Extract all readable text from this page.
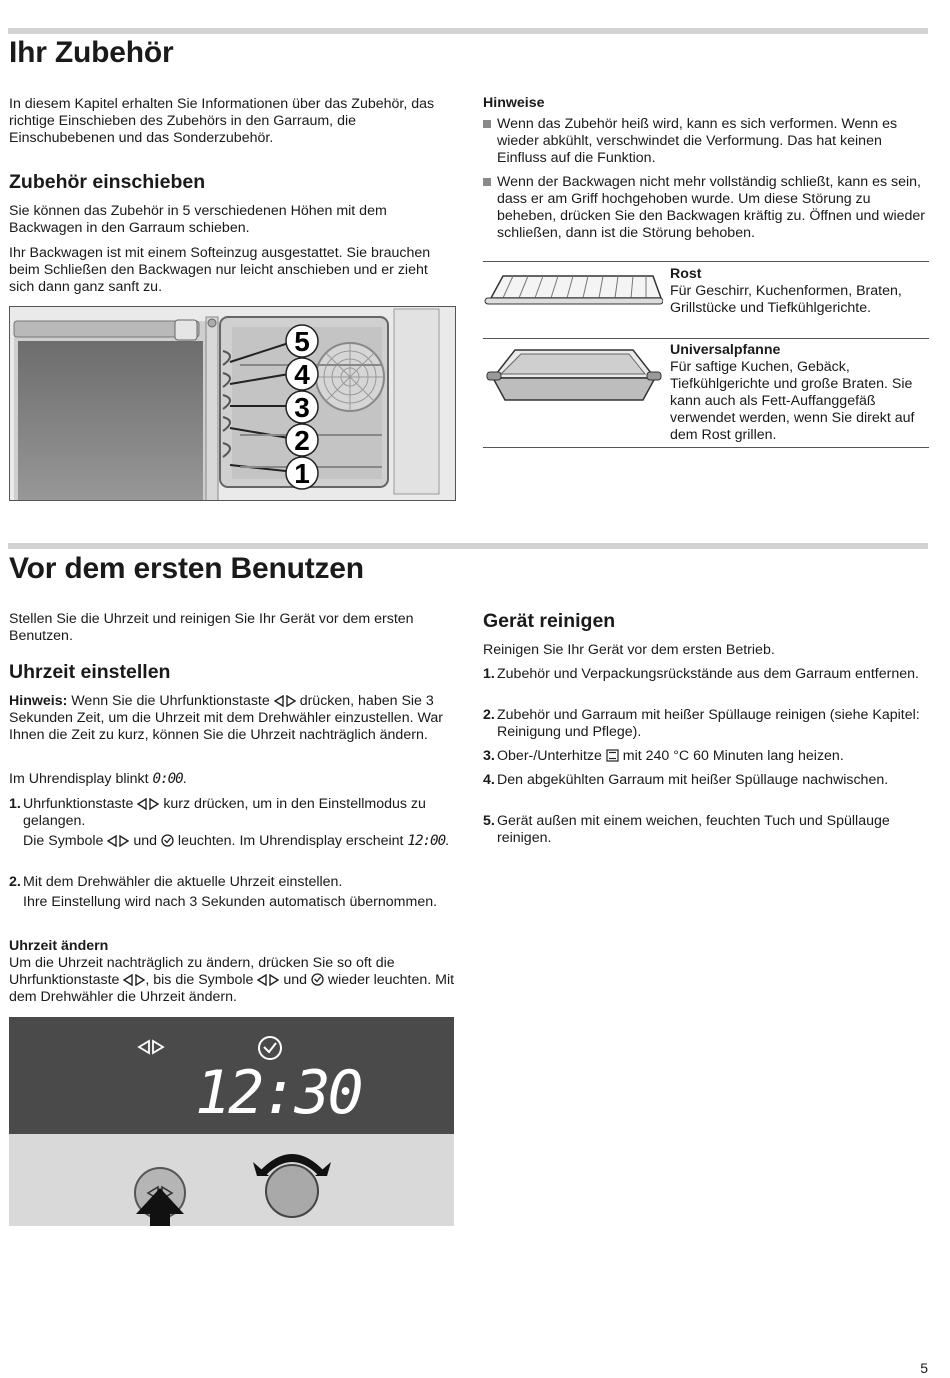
Ihr Zubehör

In diesem Kapitel erhalten Sie Informationen über das Zubehör, das richtige Einschieben des Zubehörs in den Garraum, die Einschubebenen und das Sonderzubehör.

Zubehör einschieben

Sie können das Zubehör in 5 verschiedenen Höhen mit dem Backwagen in den Garraum schieben.

Ihr Backwagen ist mit einem Softeinzug ausgestattet. Sie brauchen beim Schließen den Backwagen nur leicht anschieben und er zieht sich dann ganz sanft zu.

5
4
3
2
1
Hinweise
Wenn das Zubehör heiß wird, kann es sich verformen. Wenn es wieder abkühlt, verschwindet die Verformung. Das hat keinen Einfluss auf die Funktion.
Wenn der Backwagen nicht mehr vollständig schließt, kann es sein, dass er am Griff hochgehoben wurde. Um diese Störung zu beheben, drücken Sie den Backwagen kräftig zu. Öffnen und wieder schließen, dann ist die Störung behoben.
Rost
Für Geschirr, Kuchenformen, Braten, Grillstücke und Tiefkühlgerichte.
Universalpfanne
Für saftige Kuchen, Gebäck, Tiefkühlgerichte und große Braten. Sie kann auch als Fett-Auffanggefäß verwendet werden, wenn Sie direkt auf dem Rost grillen.
Vor dem ersten Benutzen

Stellen Sie die Uhrzeit und reinigen Sie Ihr Gerät vor dem ersten Benutzen.

Uhrzeit einstellen
Hinweis: Wenn Sie die Uhrfunktionstaste drücken, haben Sie 3 Sekunden Zeit, um die Uhrzeit mit dem Drehwähler einzustellen. War Ihnen die Zeit zu kurz, können Sie die Uhrzeit nachträglich ändern.
Im Uhrendisplay blinkt 0:00.
1. Uhrfunktionstaste kurz drücken, um in den Einstellmodus zu gelangen.
Die Symbole und leuchten. Im Uhrendisplay erscheint 12:00.
2. Mit dem Drehwähler die aktuelle Uhrzeit einstellen.
Ihre Einstellung wird nach 3 Sekunden automatisch übernommen.
Uhrzeit ändern
Um die Uhrzeit nachträglich zu ändern, drücken Sie so oft die Uhrfunktionstaste , bis die Symbole und wieder leuchten. Mit dem Drehwähler die Uhrzeit ändern.
12:30
Gerät reinigen

Reinigen Sie Ihr Gerät vor dem ersten Betrieb.

1. Zubehör und Verpackungsrückstände aus dem Garraum entfernen.
2. Zubehör und Garraum mit heißer Spüllauge reinigen (siehe Kapitel: Reinigung und Pflege).
3. Ober-/Unterhitze mit 240 °C 60 Minuten lang heizen.
4. Den abgekühlten Garraum mit heißer Spüllauge nachwischen.
5. Gerät außen mit einem weichen, feuchten Tuch und Spüllauge reinigen.
5
